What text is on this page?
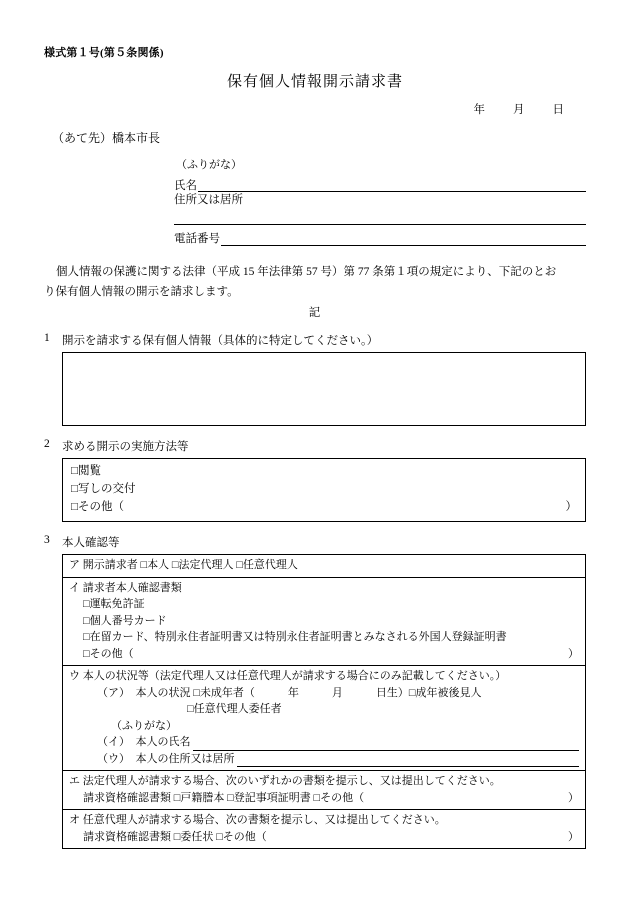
様式第１号(第５条関係)
保有個人情報開示請求書
年 月 日
（あて先）橋本市長
（ふりがな）
氏名
住所又は居所
電話番号
個人情報の保護に関する法律（平成 15 年法律第 57 号）第 77 条第１項の規定により、下記のとお
り保有個人情報の開示を請求します。
記
1	開示を請求する保有個人情報（具体的に特定してください。）
2	求める開示の実施方法等
□閲覧
□写しの交付
□その他（	）
3	本人確認等
ア 開示請求者 □本人 □法定代理人 □任意代理人

イ 請求者本人確認書類
□運転免許証
□個人番号カード
□在留カード、特別永住者証明書又は特別永住者証明書とみなされる外国人登録証明書
□その他（	）

ウ 本人の状況等（法定代理人又は任意代理人が請求する場合にのみ記載してください。）
（ア）　本人の状況 □未成年者（　　　年　　　月　　　日生）□成年被後見人
□任意代理人委任者
（ふりがな）
（イ）　本人の氏名
（ウ）　本人の住所又は居所

エ 法定代理人が請求する場合、次のいずれかの書類を提示し、又は提出してください。
請求資格確認書類 □戸籍謄本 □登記事項証明書 □その他（	）

オ 任意代理人が請求する場合、次の書類を提示し、又は提出してください。
請求資格確認書類 □委任状 □その他（	）
